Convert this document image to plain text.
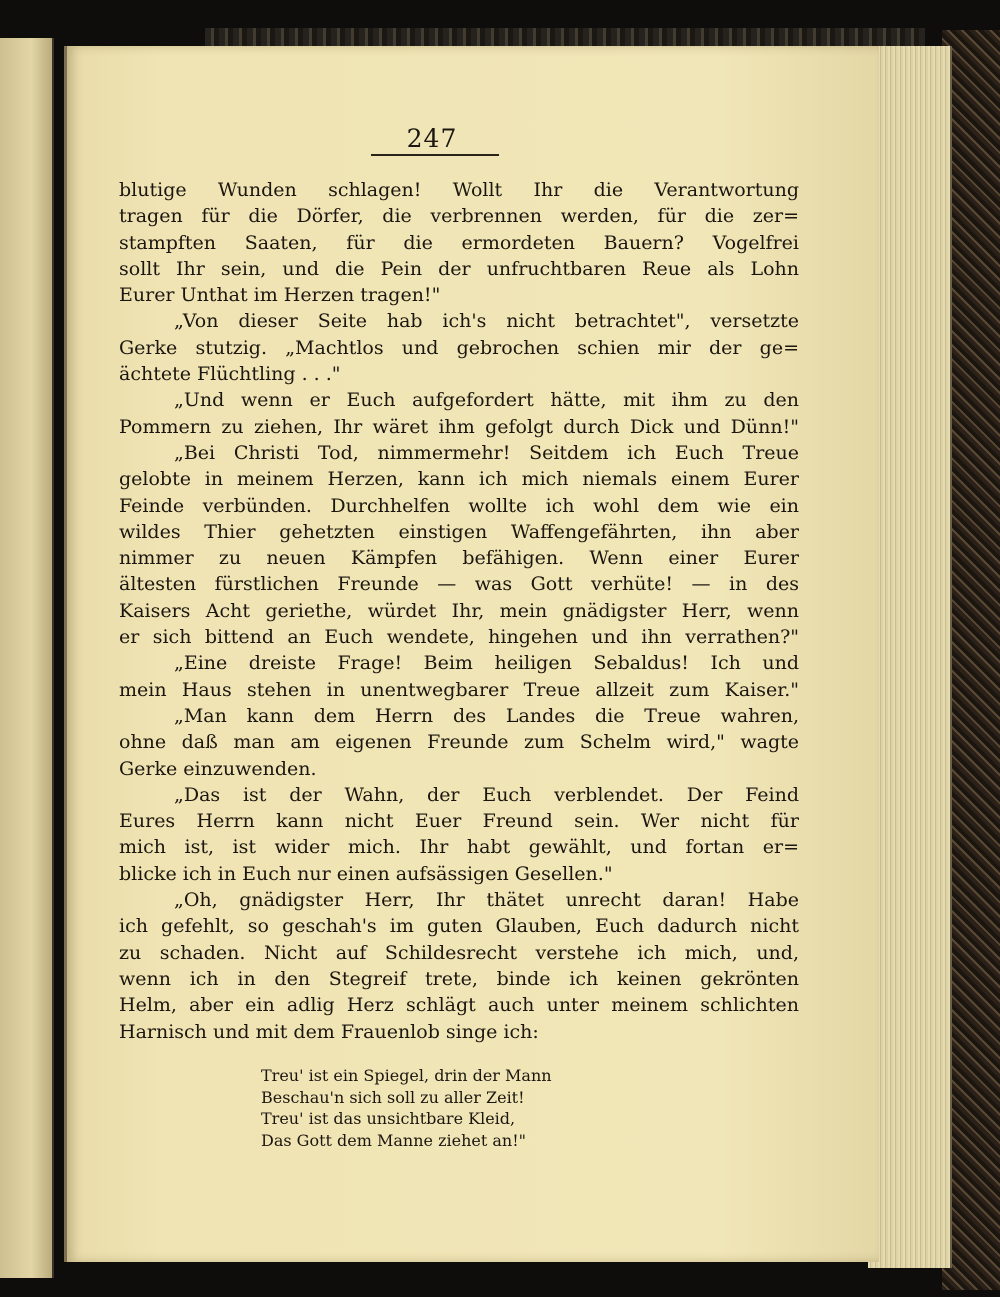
247
blutige Wunden schlagen! Wollt Ihr die Verantwortung
tragen für die Dörfer, die verbrennen werden, für die zer=
stampften Saaten, für die ermordeten Bauern? Vogelfrei
sollt Ihr sein, und die Pein der unfruchtbaren Reue als Lohn
Eurer Unthat im Herzen tragen!"
„Von dieser Seite hab ich's nicht betrachtet", versetzte
Gerke stutzig. „Machtlos und gebrochen schien mir der ge=
ächtete Flüchtling . . ."
„Und wenn er Euch aufgefordert hätte, mit ihm zu den
Pommern zu ziehen, Ihr wäret ihm gefolgt durch Dick und Dünn!"
„Bei Christi Tod, nimmermehr! Seitdem ich Euch Treue
gelobte in meinem Herzen, kann ich mich niemals einem Eurer
Feinde verbünden. Durchhelfen wollte ich wohl dem wie ein
wildes Thier gehetzten einstigen Waffengefährten, ihn aber
nimmer zu neuen Kämpfen befähigen. Wenn einer Eurer
ältesten fürstlichen Freunde — was Gott verhüte! — in des
Kaisers Acht geriethe, würdet Ihr, mein gnädigster Herr, wenn
er sich bittend an Euch wendete, hingehen und ihn verrathen?"
„Eine dreiste Frage! Beim heiligen Sebaldus! Ich und
mein Haus stehen in unentwegbarer Treue allzeit zum Kaiser."
„Man kann dem Herrn des Landes die Treue wahren,
ohne daß man am eigenen Freunde zum Schelm wird," wagte
Gerke einzuwenden.
„Das ist der Wahn, der Euch verblendet. Der Feind
Eures Herrn kann nicht Euer Freund sein. Wer nicht für
mich ist, ist wider mich. Ihr habt gewählt, und fortan er=
blicke ich in Euch nur einen aufsässigen Gesellen."
„Oh, gnädigster Herr, Ihr thätet unrecht daran! Habe
ich gefehlt, so geschah's im guten Glauben, Euch dadurch nicht
zu schaden. Nicht auf Schildesrecht verstehe ich mich, und,
wenn ich in den Stegreif trete, binde ich keinen gekrönten
Helm, aber ein adlig Herz schlägt auch unter meinem schlichten
Harnisch und mit dem Frauenlob singe ich:
Treu' ist ein Spiegel, drin der Mann
Beschau'n sich soll zu aller Zeit!
Treu' ist das unsichtbare Kleid,
Das Gott dem Manne ziehet an!"
